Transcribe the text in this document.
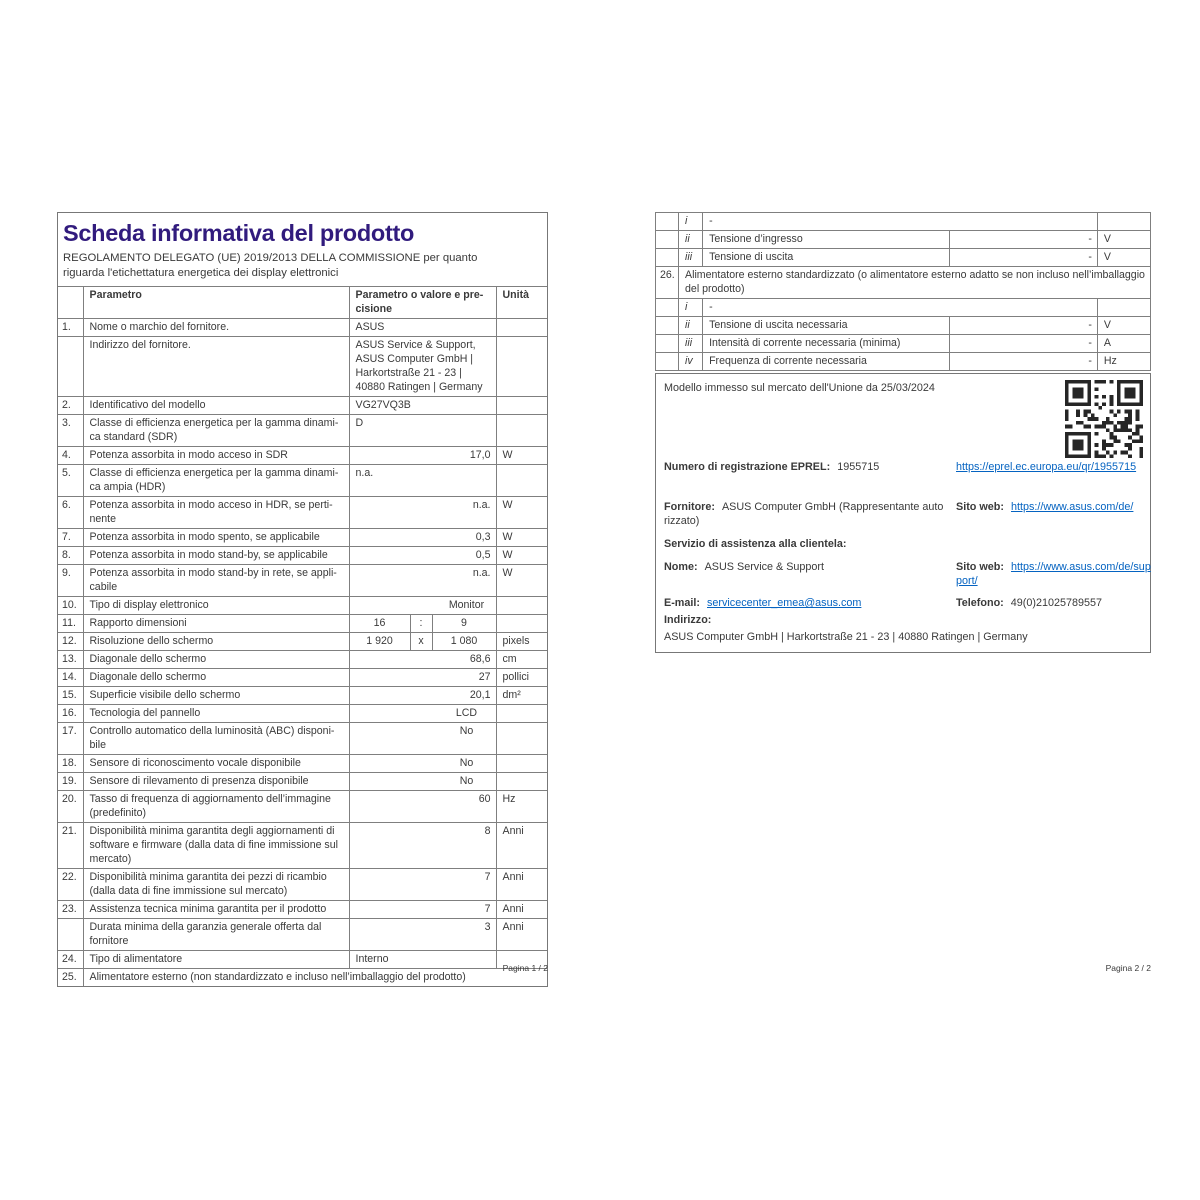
Scheda informativa del prodotto

REGOLAMENTO DELEGATO (UE) 2019/2013 DELLA COMMISSIONE per quanto riguarda l'etichettatura energetica dei display elettronici

	Parametro	Parametro o valore e precisione	Unità
1.	Nome o marchio del fornitore.	ASUS	
	Indirizzo del fornitore.	ASUS Service & Support, ASUS Computer GmbH | Harkortstraße 21 - 23 | 40880 Ratingen | Germany	
2.	Identificativo del modello	VG27VQ3B	
3.	Classe di efficienza energetica per la gamma dinamica standard (SDR)	D	
4.	Potenza assorbita in modo acceso in SDR	17,0	W
5.	Classe di efficienza energetica per la gamma dinamica ampia (HDR)	n.a.	
6.	Potenza assorbita in modo acceso in HDR, se pertinente	n.a.	W
7.	Potenza assorbita in modo spento, se applicabile	0,3	W
8.	Potenza assorbita in modo stand-by, se applicabile	0,5	W
9.	Potenza assorbita in modo stand-by in rete, se applicabile	n.a.	W
10.	Tipo di display elettronico	Monitor	
11.	Rapporto dimensioni	16 : 9	

12.	Risoluzione dello schermo	1 920 x 1 080	pixels
13.	Diagonale dello schermo	68,6	cm
14.	Diagonale dello schermo	27	pollici
15.	Superficie visibile dello schermo	20,1	dm²
16.	Tecnologia del pannello	LCD	
17.	Controllo automatico della luminosità (ABC) disponibile	No	
18.	Sensore di riconoscimento vocale disponibile	No	
19.	Sensore di rilevamento di presenza disponibile	No	
20.	Tasso di frequenza di aggiornamento dell’immagine (predefinito)	60	Hz
21.	Disponibilità minima garantita degli aggiornamenti di software e firmware (dalla data di fine immissione sul mercato)	8	Anni
22.	Disponibilità minima garantita dei pezzi di ricambio (dalla data di fine immissione sul mercato)	7	Anni
23.	Assistenza tecnica minima garantita per il prodotto	7	Anni
	Durata minima della garanzia generale offerta dal fornitore	3	Anni
24.	Tipo di alimentatore	Interno	
25.	Alimentatore esterno (non standardizzato e incluso nell’imballaggio del prodotto)		
Pagina 1 / 2
	i	-		
	ii	Tensione d’ingresso	-	V
	iii	Tensione di uscita	-	V
26.	Alimentatore esterno standardizzato (o alimentatore esterno adatto se non incluso nell’imballaggio del prodotto)			
	i	-		
	ii	Tensione di uscita necessaria	-	V
	iii	Intensità di corrente necessaria (minima)	-	A
	iv	Frequenza di corrente necessaria	-	Hz
Modello immesso sul mercato dell'Unione da 25/03/2024
Numero di registrazione EPREL: 1955715	https://eprel.ec.europa.eu/qr/1955715
Fornitore: ASUS Computer GmbH (Rappresentante autorizzato)
Sito web: https://www.asus.com/de/
Servizio di assistenza alla clientela:
Nome: ASUS Service & Support	Sito web: https://www.asus.com/de/support/
E-mail: servicecenter_emea@asus.com	Telefono: 49(0)21025789557
Indirizzo:
ASUS Computer GmbH | Harkortstraße 21 - 23 | 40880 Ratingen | Germany
Pagina 2 / 2
